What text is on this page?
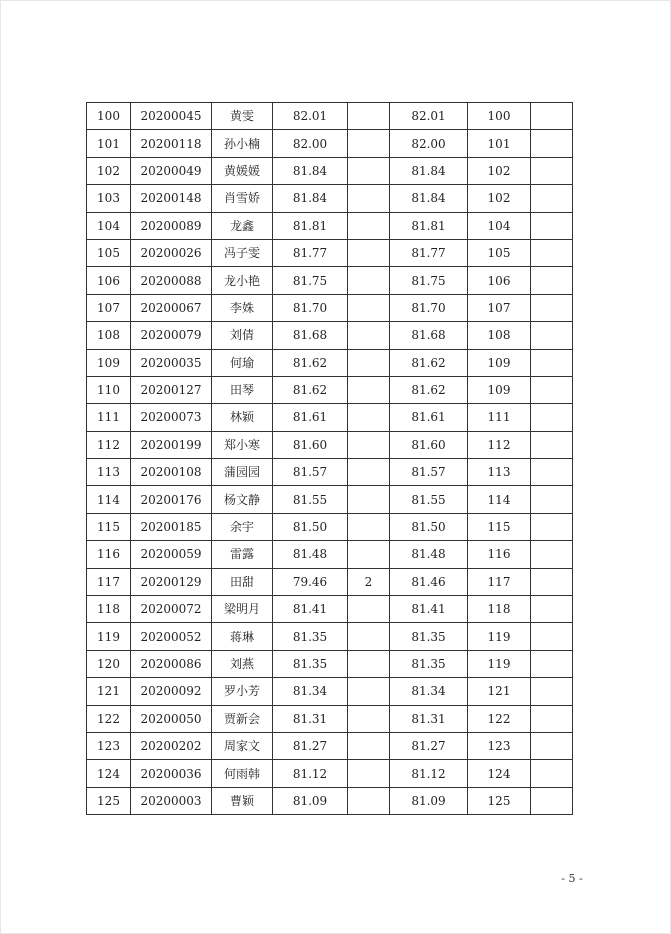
100	20200045	黄雯	82.01		82.01	100	
101	20200118	孙小楠	82.00		82.00	101	
102	20200049	黄媛媛	81.84		81.84	102	
103	20200148	肖雪娇	81.84		81.84	102	
104	20200089	龙鑫	81.81		81.81	104	
105	20200026	冯子雯	81.77		81.77	105	
106	20200088	龙小艳	81.75		81.75	106	
107	20200067	李姝	81.70		81.70	107	
108	20200079	刘倩	81.68		81.68	108	
109	20200035	何瑜	81.62		81.62	109	
110	20200127	田琴	81.62		81.62	109	
111	20200073	林颖	81.61		81.61	111	
112	20200199	郑小寒	81.60		81.60	112	
113	20200108	蒲园园	81.57		81.57	113	
114	20200176	杨文静	81.55		81.55	114	
115	20200185	余宇	81.50		81.50	115	
116	20200059	雷露	81.48		81.48	116	
117	20200129	田甜	79.46	2	81.46	117	
118	20200072	梁明月	81.41		81.41	118	
119	20200052	蒋琳	81.35		81.35	119	
120	20200086	刘燕	81.35		81.35	119	
121	20200092	罗小芳	81.34		81.34	121	
122	20200050	贾新会	81.31		81.31	122	
123	20200202	周家文	81.27		81.27	123	
124	20200036	何雨韩	81.12		81.12	124	
125	20200003	曹颖	81.09		81.09	125	
- 5 -
